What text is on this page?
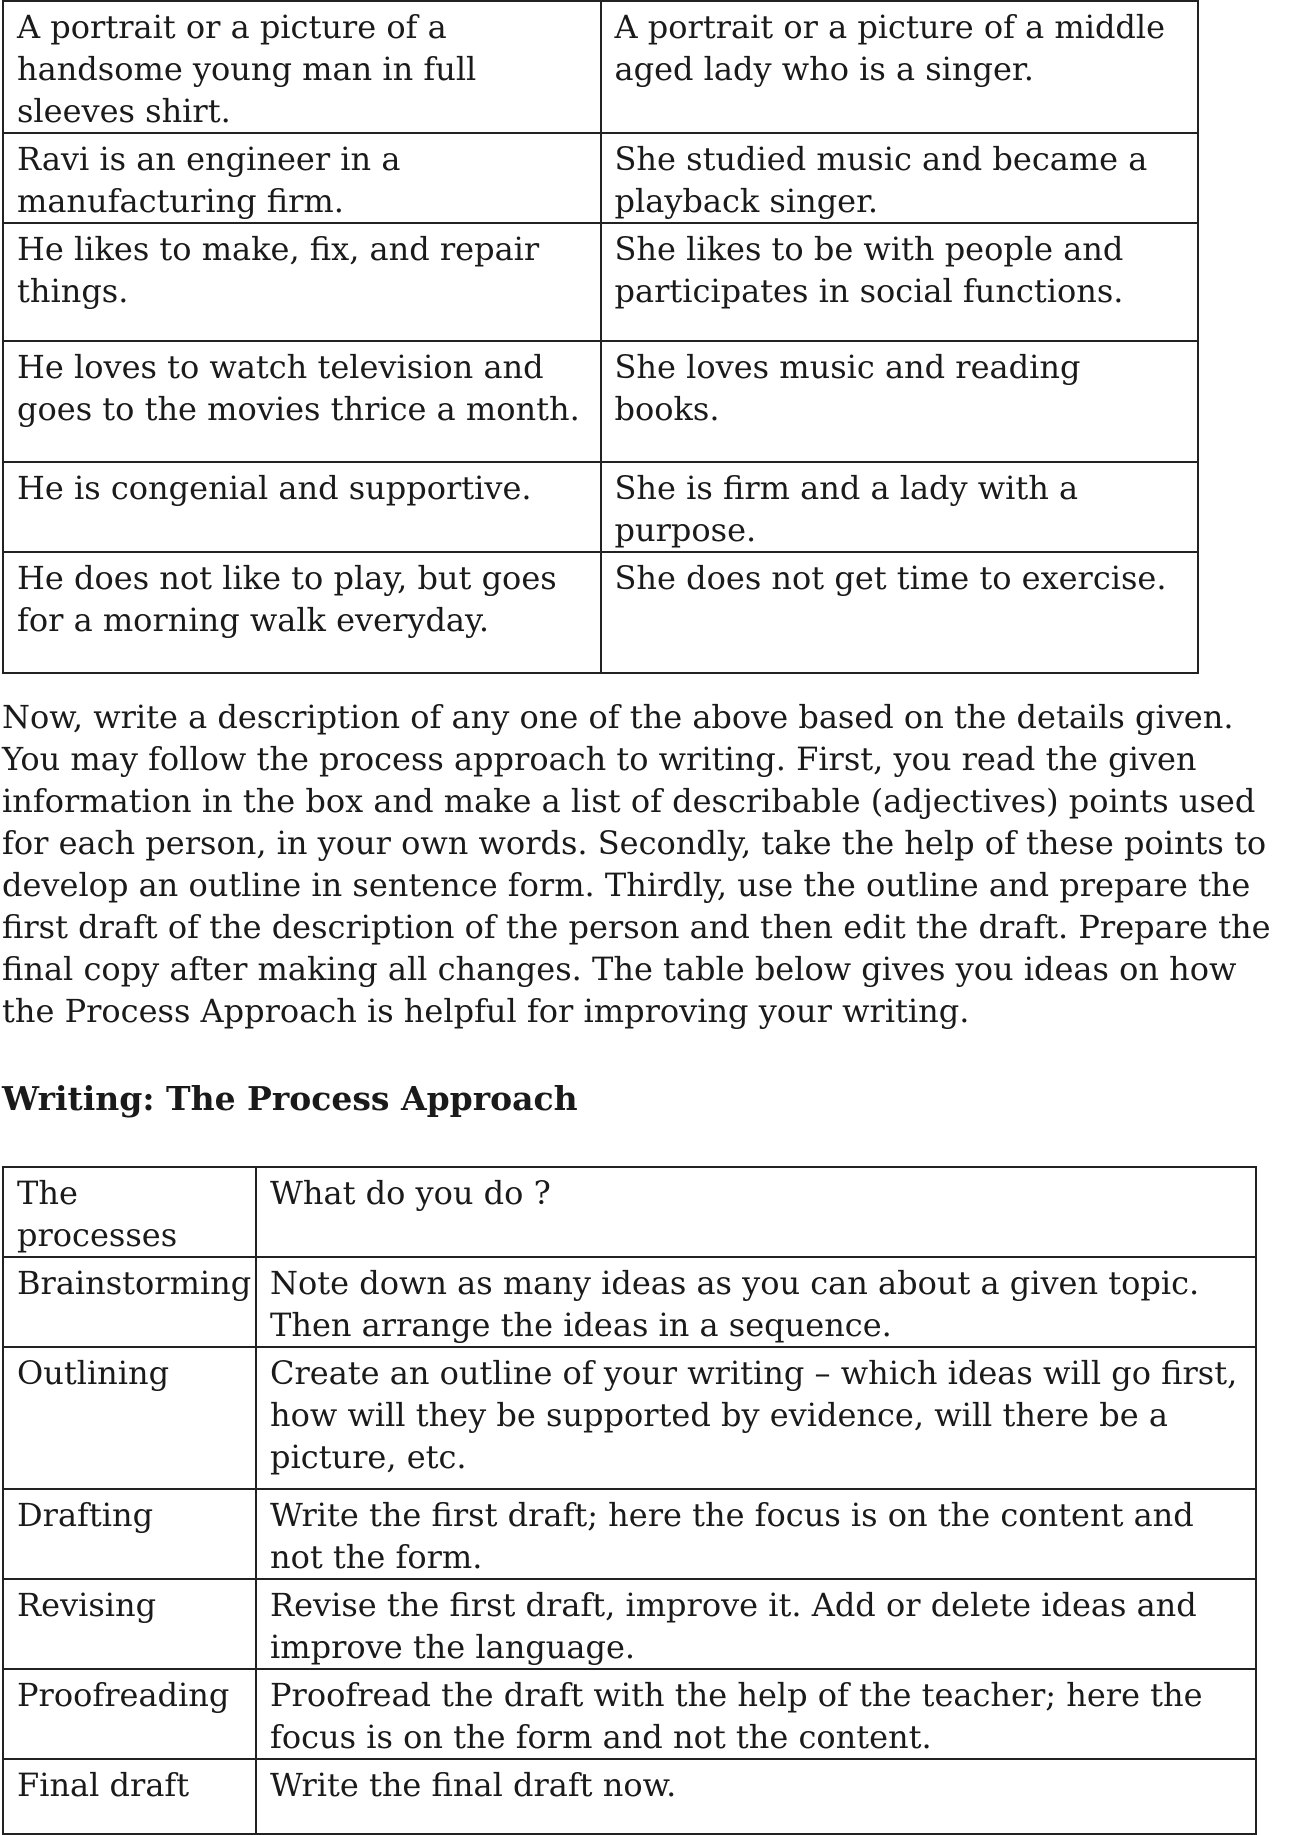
A portrait or a picture of a handsome young man in full sleeves shirt.	A portrait or a picture of a middle aged lady who is a singer.
Ravi is an engineer in a manufacturing firm.	She studied music and became a playback singer.
He likes to make, fix, and repair things.	She likes to be with people and participates in social functions.
He loves to watch television and goes to the movies thrice a month.	She loves music and reading books.
He is congenial and supportive.	She is firm and a lady with a purpose.
He does not like to play, but goes for a morning walk everyday.	She does not get time to exercise.

Now, write a description of any one of the above based on the details given. You may follow the process approach to writing. First, you read the given information in the box and make a list of describable (adjectives) points used for each person, in your own words. Secondly, take the help of these points to develop an outline in sentence form. Thirdly, use the outline and prepare the first draft of the description of the person and then edit the draft. Prepare the final copy after making all changes. The table below gives you ideas on how the Process Approach is helpful for improving your writing.

Writing: The Process Approach
The processes	What do you do ?
Brainstorming	Note down as many ideas as you can about a given topic. Then arrange the ideas in a sequence.
Outlining	Create an outline of your writing – which ideas will go first, how will they be supported by evidence, will there be a picture, etc.
Drafting	Write the first draft; here the focus is on the content and not the form.
Revising	Revise the first draft, improve it. Add or delete ideas and improve the language.
Proofreading	Proofread the draft with the help of the teacher; here the focus is on the form and not the content.
Final draft	Write the final draft now.
